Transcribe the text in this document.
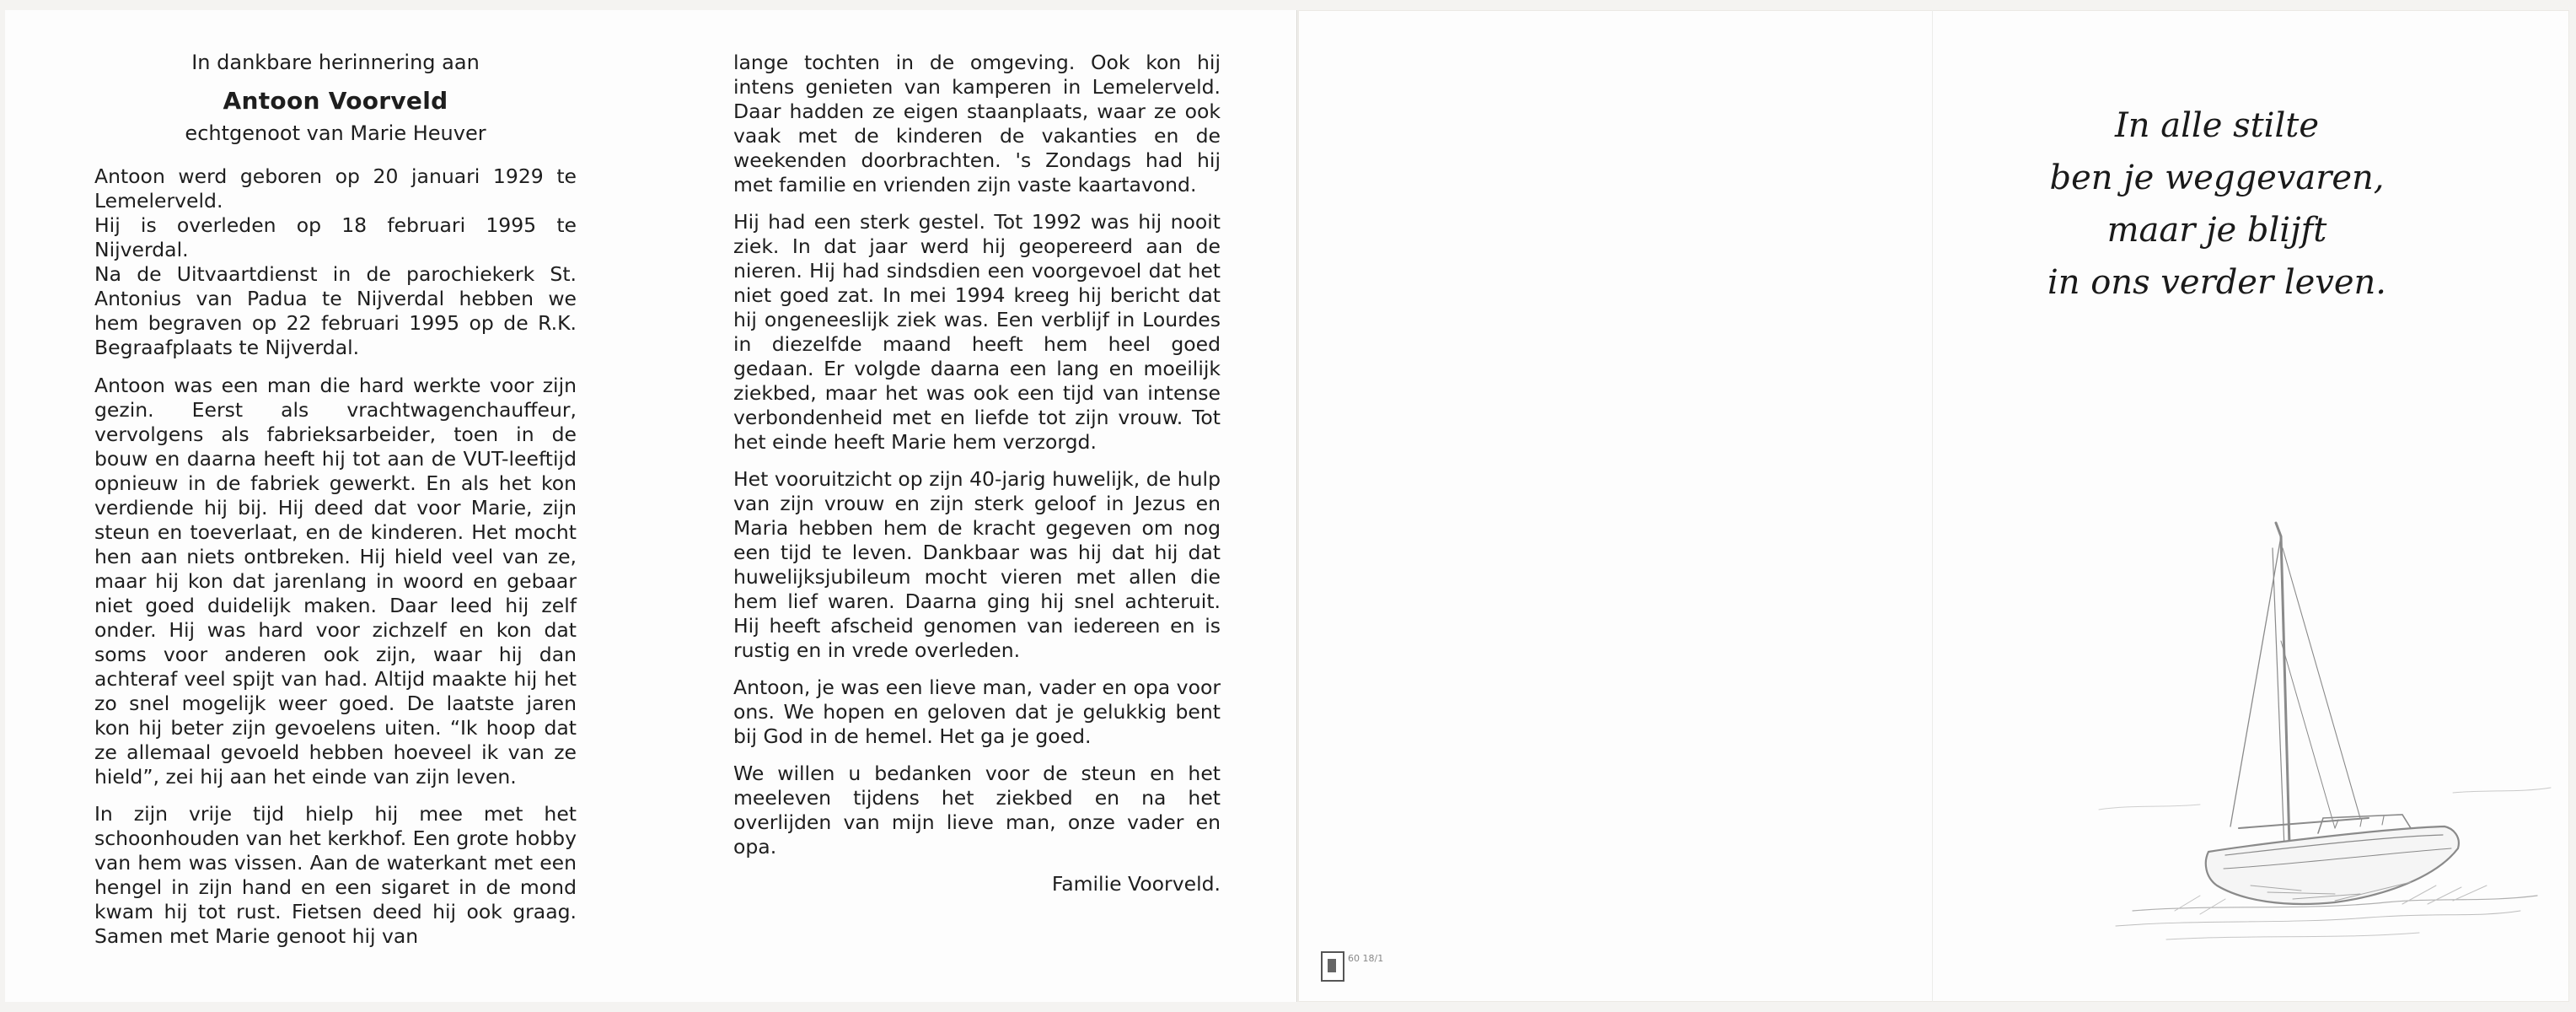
In dankbare herinnering aan
Antoon Voorveld
echtgenoot van Marie Heuver

Antoon werd geboren op 20 januari 1929 te Lemelerveld.
Hij is overleden op 18 februari 1995 te Nijverdal.
Na de Uitvaartdienst in de parochiekerk St. Antonius van Padua te Nijverdal hebben we hem begraven op 22 februari 1995 op de R.K. Begraafplaats te Nijverdal.

Antoon was een man die hard werkte voor zijn gezin. Eerst als vrachtwagenchauffeur, vervolgens als fabrieksarbeider, toen in de bouw en daarna heeft hij tot aan de VUT-leeftijd opnieuw in de fabriek gewerkt. En als het kon verdiende hij bij. Hij deed dat voor Marie, zijn steun en toeverlaat, en de kinderen. Het mocht hen aan niets ontbreken. Hij hield veel van ze, maar hij kon dat jarenlang in woord en gebaar niet goed duidelijk maken. Daar leed hij zelf onder. Hij was hard voor zichzelf en kon dat soms voor anderen ook zijn, waar hij dan achteraf veel spijt van had. Altijd maakte hij het zo snel mogelijk weer goed. De laatste jaren kon hij beter zijn gevoelens uiten. “Ik hoop dat ze allemaal gevoeld hebben hoeveel ik van ze hield”, zei hij aan het einde van zijn leven.

In zijn vrije tijd hielp hij mee met het schoonhouden van het kerkhof. Een grote hobby van hem was vissen. Aan de waterkant met een hengel in zijn hand en een sigaret in de mond kwam hij tot rust. Fietsen deed hij ook graag. Samen met Marie genoot hij van

lange tochten in de omgeving. Ook kon hij intens genieten van kamperen in Lemelerveld. Daar hadden ze eigen staanplaats, waar ze ook vaak met de kinderen de vakanties en de weekenden doorbrachten. 's Zondags had hij met familie en vrienden zijn vaste kaartavond.

Hij had een sterk gestel. Tot 1992 was hij nooit ziek. In dat jaar werd hij geopereerd aan de nieren. Hij had sindsdien een voorgevoel dat het niet goed zat. In mei 1994 kreeg hij bericht dat hij ongeneeslijk ziek was. Een verblijf in Lourdes in diezelfde maand heeft hem heel goed gedaan. Er volgde daarna een lang en moeilijk ziekbed, maar het was ook een tijd van intense verbondenheid met en liefde tot zijn vrouw. Tot het einde heeft Marie hem verzorgd.

Het vooruitzicht op zijn 40-jarig huwelijk, de hulp van zijn vrouw en zijn sterk geloof in Jezus en Maria hebben hem de kracht gegeven om nog een tijd te leven. Dankbaar was hij dat hij dat huwelijksjubileum mocht vieren met allen die hem lief waren. Daarna ging hij snel achteruit. Hij heeft afscheid genomen van iedereen en is rustig en in vrede overleden.

Antoon, je was een lieve man, vader en opa voor ons. We hopen en geloven dat je gelukkig bent bij God in de hemel. Het ga je goed.

We willen u bedanken voor de steun en het meeleven tijdens het ziekbed en na het overlijden van mijn lieve man, onze vader en opa.

Familie Voorveld.
In alle stilte
ben je weggevaren,
maar je blijft
in ons verder leven.
60 18/1
